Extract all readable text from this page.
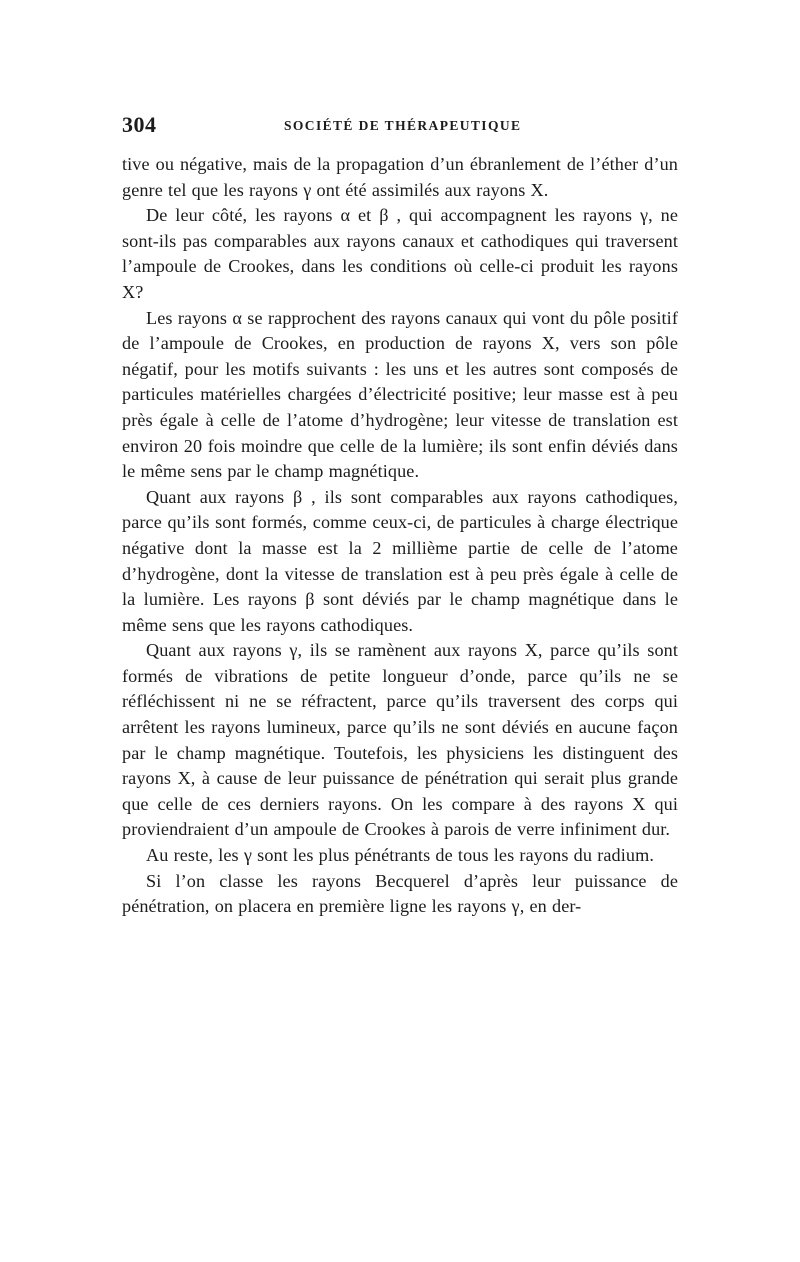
304	SOCIÉTÉ DE THÉRAPEUTIQUE

tive ou négative, mais de la propagation d’un ébranlement de l’éther d’un genre tel que les rayons γ ont été assimilés aux rayons X.

De leur côté, les rayons α et β , qui accompagnent les rayons γ, ne sont-ils pas comparables aux rayons canaux et cathodiques qui traversent l’ampoule de Crookes, dans les conditions où celle-ci produit les rayons X?

Les rayons α se rapprochent des rayons canaux qui vont du pôle positif de l’ampoule de Crookes, en production de rayons X, vers son pôle négatif, pour les motifs suivants : les uns et les autres sont composés de particules matérielles chargées d’électricité positive; leur masse est à peu près égale à celle de l’atome d’hydrogène; leur vitesse de translation est environ 20 fois moindre que celle de la lumière; ils sont enfin déviés dans le même sens par le champ magnétique.

Quant aux rayons β , ils sont comparables aux rayons cathodiques, parce qu’ils sont formés, comme ceux-ci, de particules à charge électrique négative dont la masse est la 2 millième partie de celle de l’atome d’hydrogène, dont la vitesse de translation est à peu près égale à celle de la lumière. Les rayons β sont déviés par le champ magnétique dans le même sens que les rayons cathodiques.

Quant aux rayons γ, ils se ramènent aux rayons X, parce qu’ils sont formés de vibrations de petite longueur d’onde, parce qu’ils ne se réfléchissent ni ne se réfractent, parce qu’ils traversent des corps qui arrêtent les rayons lumineux, parce qu’ils ne sont déviés en aucune façon par le champ magnétique. Toutefois, les physiciens les distinguent des rayons X, à cause de leur puissance de pénétration qui serait plus grande que celle de ces derniers rayons. On les compare à des rayons X qui proviendraient d’un ampoule de Crookes à parois de verre infiniment dur.

Au reste, les γ sont les plus pénétrants de tous les rayons du radium.

Si l’on classe les rayons Becquerel d’après leur puissance de pénétration, on placera en première ligne les rayons γ, en der-
